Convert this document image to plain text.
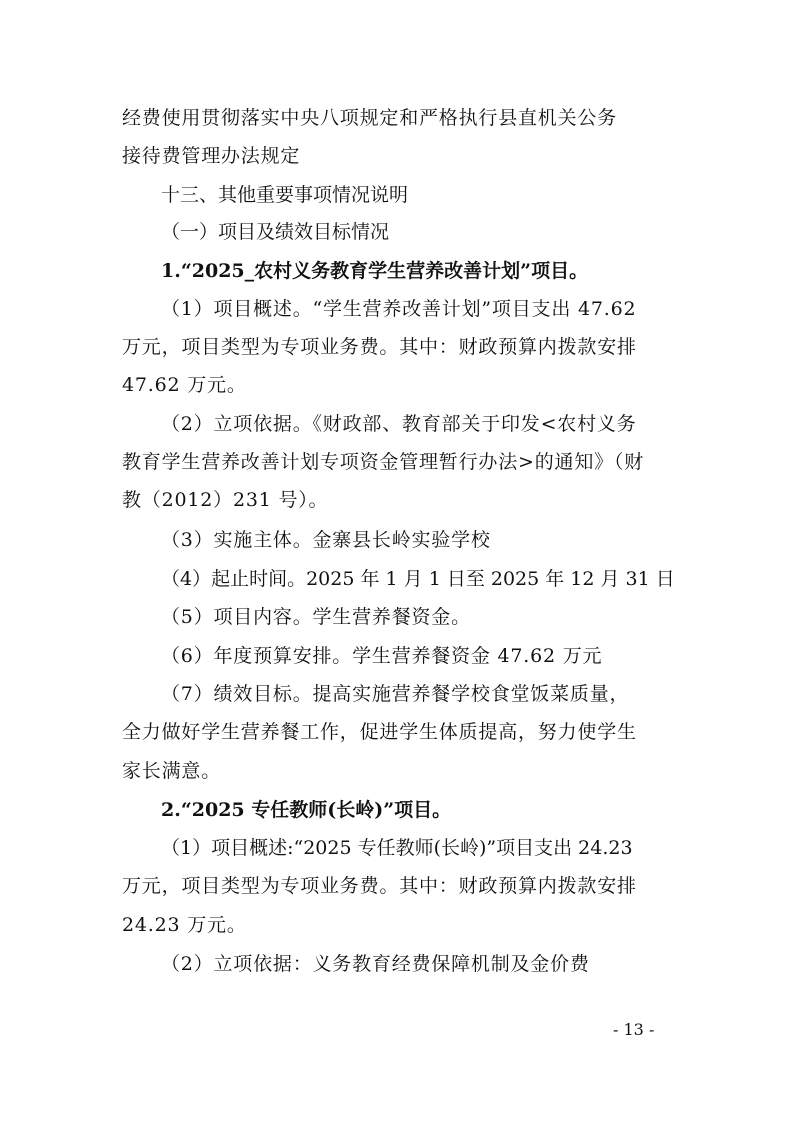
经费使用贯彻落实中央八项规定和严格执行县直机关公务
接待费管理办法规定
十三、其他重要事项情况说明
（一）项目及绩效目标情况
1.“2025_农村义务教育学生营养改善计划”项目。
（1）项目概述。“学生营养改善计划”项目支出 47.62
万元，项目类型为专项业务费。其中：财政预算内拨款安排
47.62 万元。
（2）立项依据。《财政部、教育部关于印发<农村义务
教育学生营养改善计划专项资金管理暂行办法>的通知》（财
教（2012）231 号）。
（3）实施主体。金寨县长岭实验学校
（4）起止时间。2025 年 1 月 1 日至 2025 年 12 月 31 日
（5）项目内容。学生营养餐资金。
（6）年度预算安排。学生营养餐资金 47.62 万元
（7）绩效目标。提高实施营养餐学校食堂饭菜质量，
全力做好学生营养餐工作，促进学生体质提高，努力使学生
家长满意。
2.“2025 专任教师(长岭)”项目。
（1）项目概述:“2025 专任教师(长岭)”项目支出 24.23
万元，项目类型为专项业务费。其中：财政预算内拨款安排
24.23 万元。
（2）立项依据：义务教育经费保障机制及金价费
- 13 -
